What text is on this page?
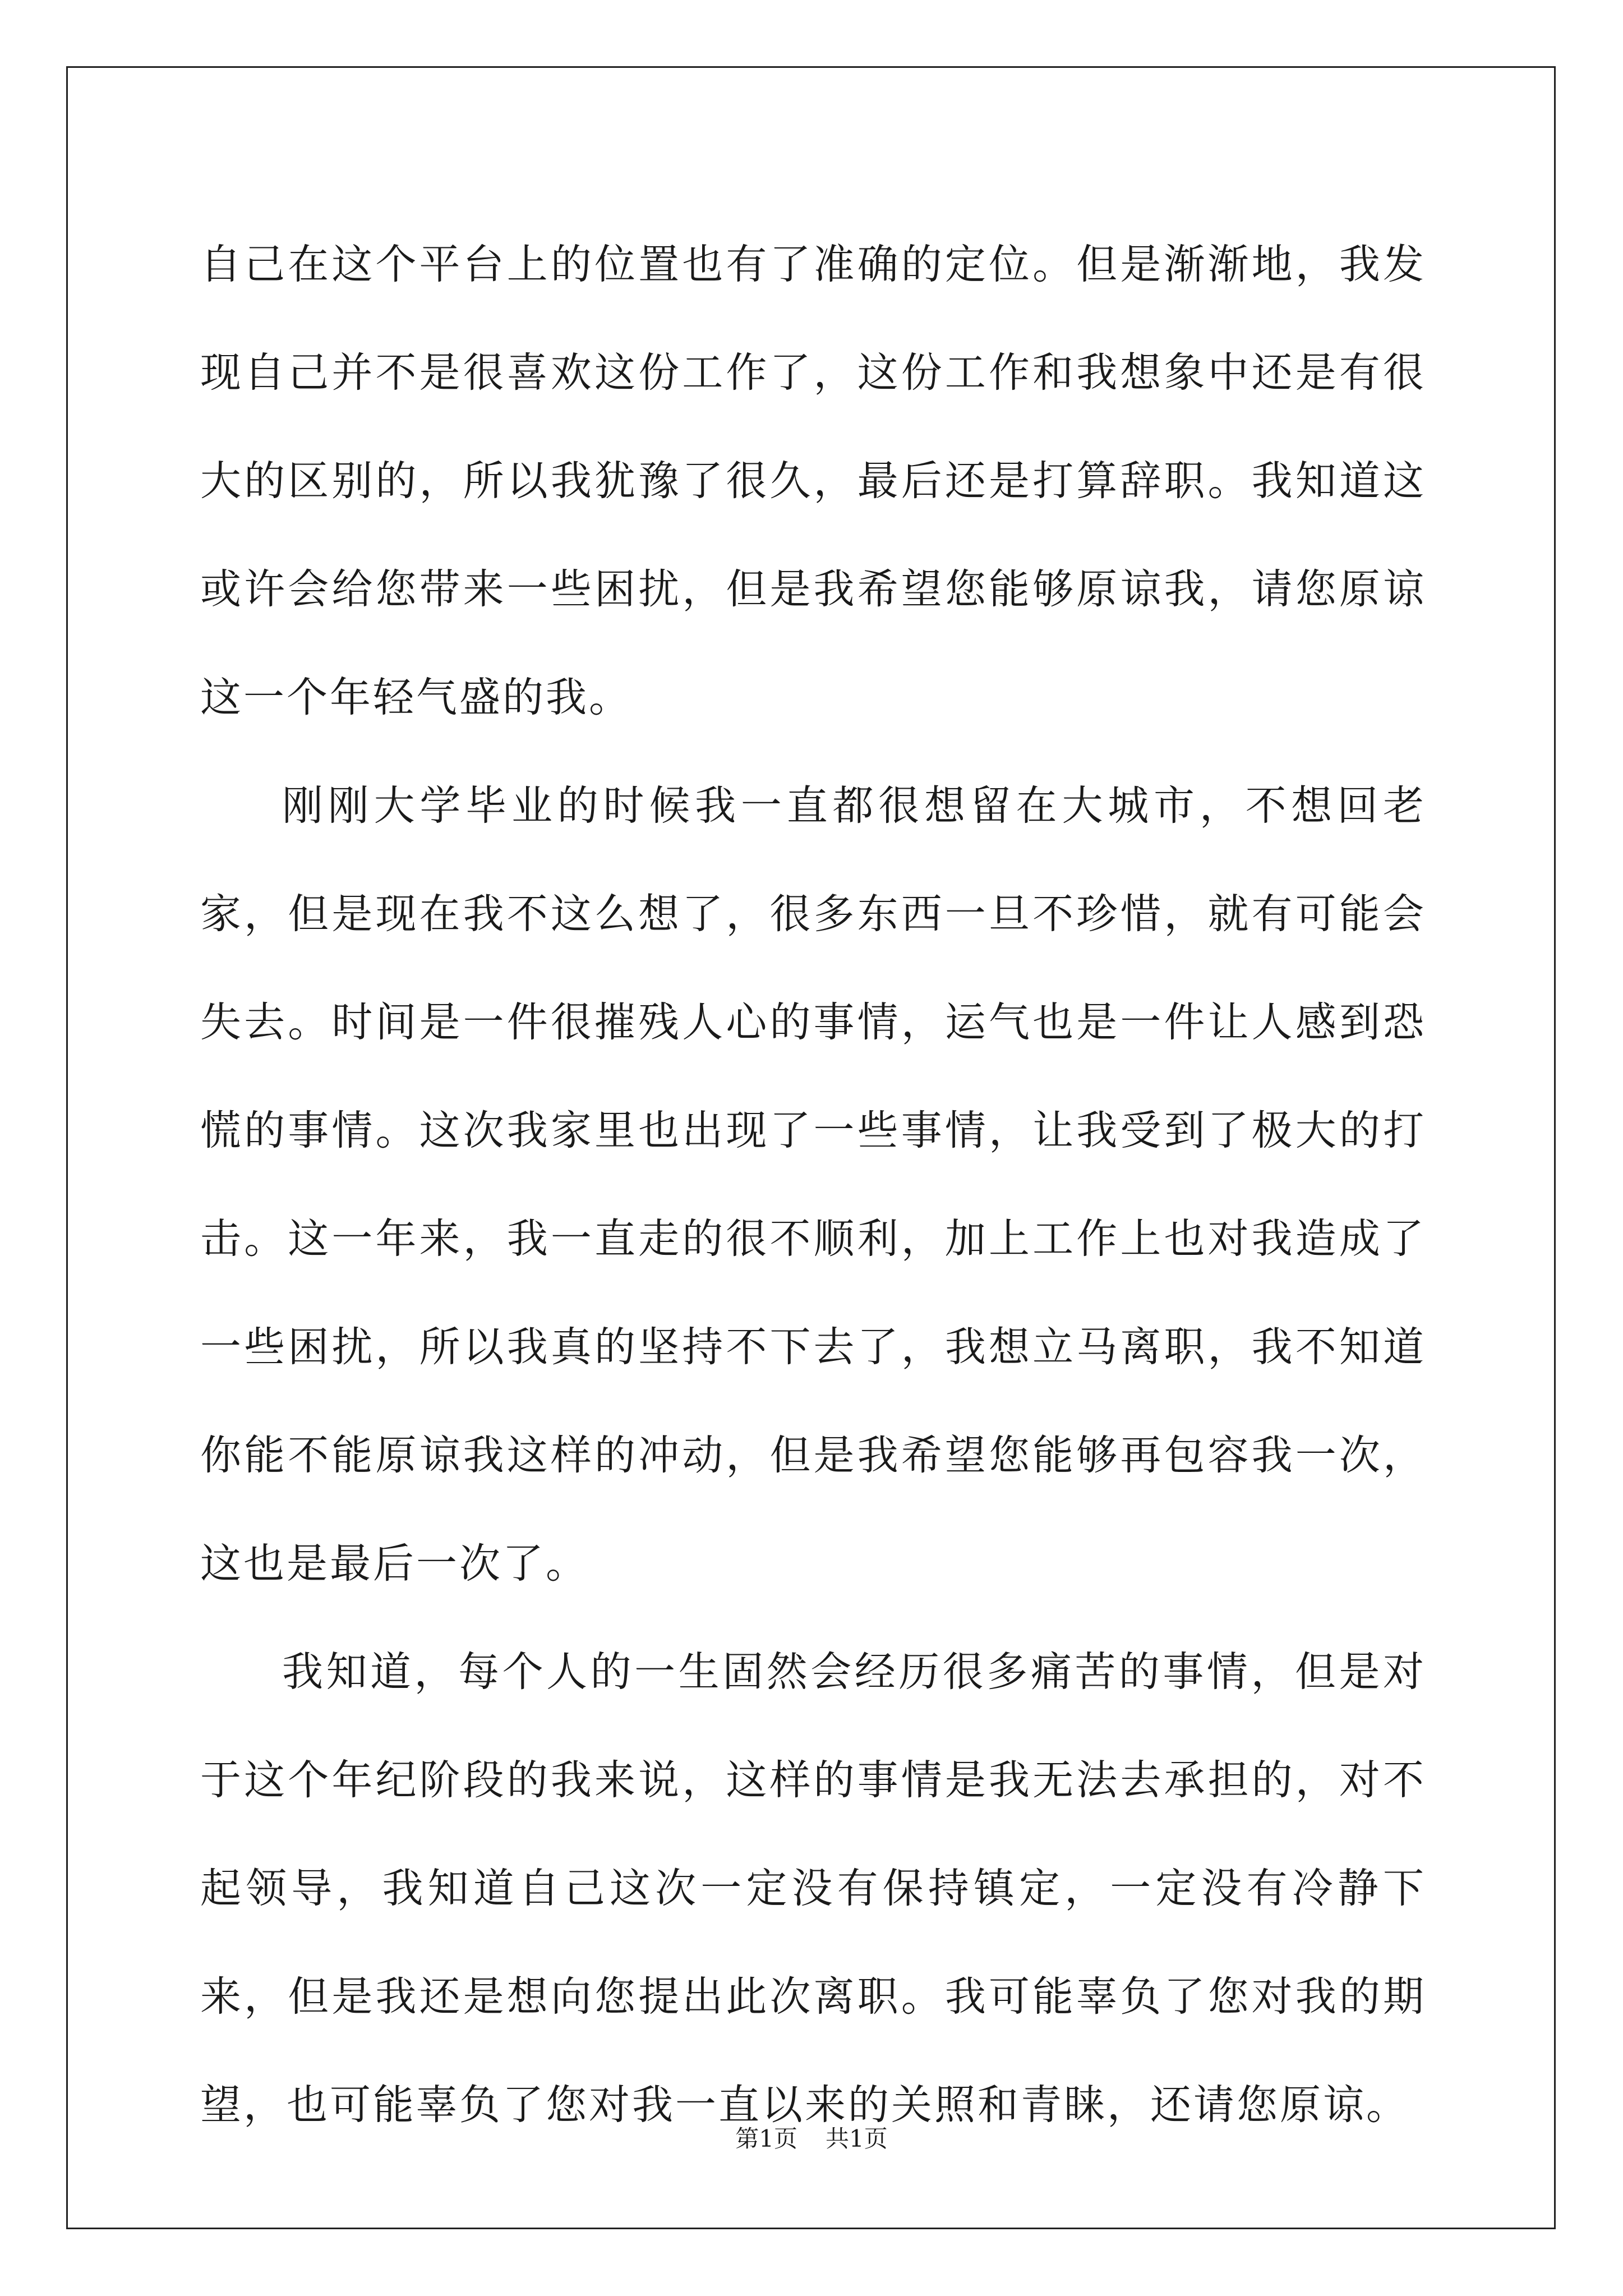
自己在这个平台上的位置也有了准确的定位。但是渐渐地，我发现自己并不是很喜欢这份工作了，这份工作和我想象中还是有很大的区别的，所以我犹豫了很久，最后还是打算辞职。我知道这或许会给您带来一些困扰，但是我希望您能够原谅我，请您原谅这一个年轻气盛的我。

刚刚大学毕业的时候我一直都很想留在大城市，不想回老家，但是现在我不这么想了，很多东西一旦不珍惜，就有可能会失去。时间是一件很摧残人心的事情，运气也是一件让人感到恐慌的事情。这次我家里也出现了一些事情，让我受到了极大的打击。这一年来，我一直走的很不顺利，加上工作上也对我造成了一些困扰，所以我真的坚持不下去了，我想立马离职，我不知道你能不能原谅我这样的冲动，但是我希望您能够再包容我一次，这也是最后一次了。

我知道，每个人的一生固然会经历很多痛苦的事情，但是对于这个年纪阶段的我来说，这样的事情是我无法去承担的，对不起领导，我知道自己这次一定没有保持镇定，一定没有冷静下来，但是我还是想向您提出此次离职。我可能辜负了您对我的期望，也可能辜负了您对我一直以来的关照和青睐，还请您原谅。

第1页 共1页
